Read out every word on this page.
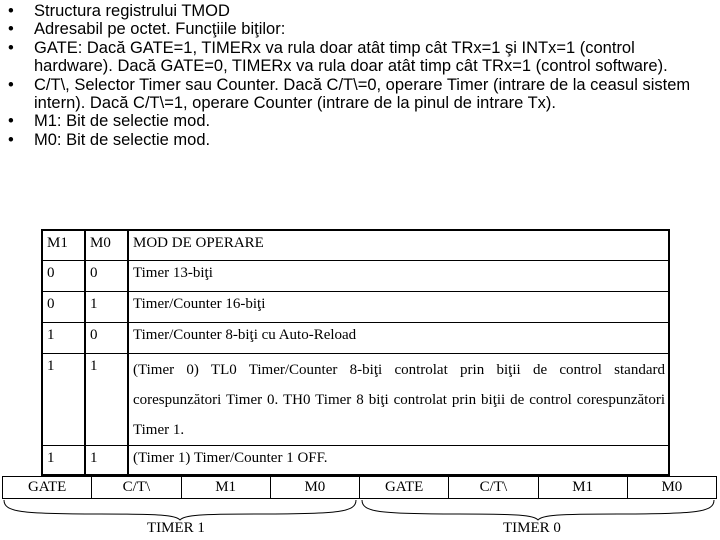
• Structura registrului TMOD
• Adresabil pe octet. Funcţiile biţilor:
• GATE: Dacă GATE=1, TIMERx va rula doar atât timp cât TRx=1 şi INTx=1 (control hardware). Dacă GATE=0, TIMERx va rula doar atât timp cât TRx=1 (control software).
• C/T\, Selector Timer sau Counter. Dacă C/T\=0, operare Timer (intrare de la ceasul sistem intern). Dacă C/T\=1, operare Counter (intrare de la pinul de intrare Tx).
• M1: Bit de selectie mod.
• M0: Bit de selectie mod.
M1	M0	MOD DE OPERARE
0	0	Timer 13-biţi
0	1	Timer/Counter 16-biţi
1	0	Timer/Counter 8-biţi cu Auto-Reload
1	1	(Timer 0) TL0 Timer/Counter 8-biţi controlat prin biţii de control standard corespunzători Timer 0. TH0 Timer 8 biţi controlat prin biţii de control corespunzători Timer 1.
1	1	(Timer 1) Timer/Counter 1 OFF.
GATE	C/T\	M1	M0	GATE	C/T\	M1	M0
TIMER 1	TIMER 0
